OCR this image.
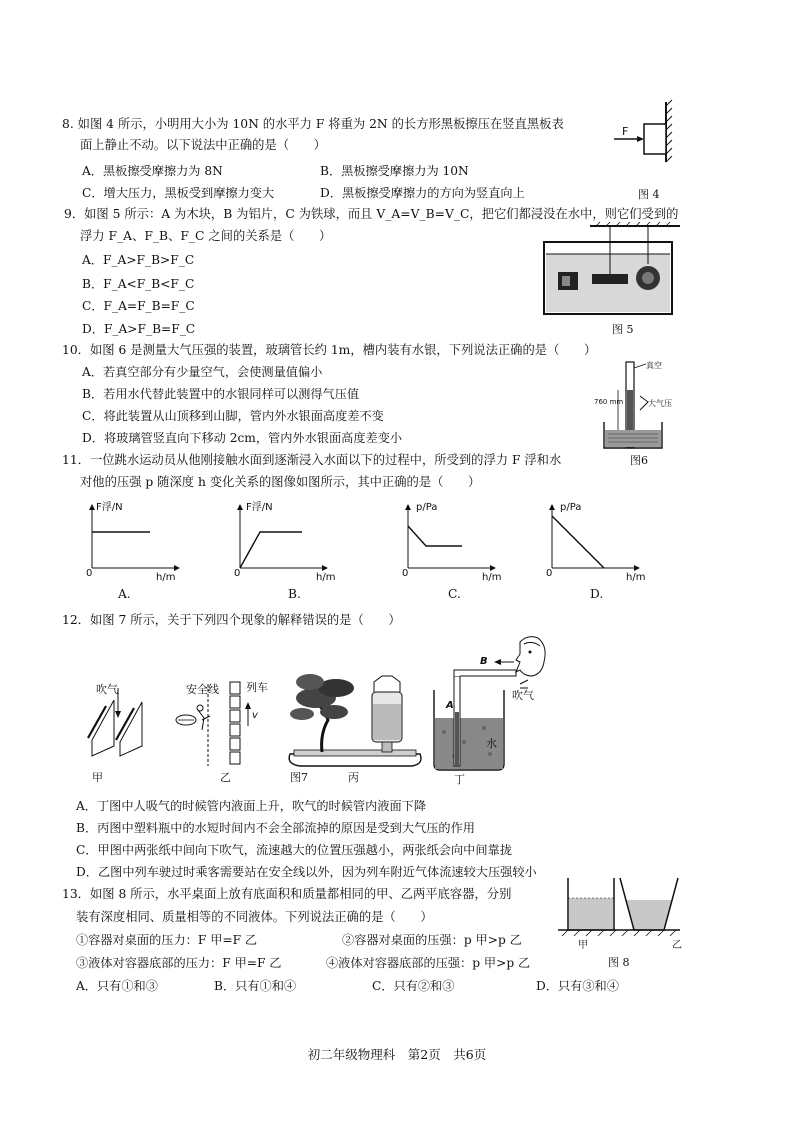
8. 如图 4 所示，小明用大小为 10N 的水平力 F 将重为 2N 的长方形黑板擦压在竖直黑板表
面上静止不动。以下说法中正确的是（　　）
A．黑板擦受摩擦力为 8N	B．黑板擦受摩擦力为 10N
C．增大压力，黑板受到摩擦力变大	D．黑板擦受摩擦力的方向为竖直向上	图 4
F
9．如图 5 所示：A 为木块，B 为铝片，C 为铁球，而且 V_A=V_B=V_C，把它们都浸没在水中，则它们受到的
浮力 F_A、F_B、F_C 之间的关系是（　　）
A．F_A>F_B>F_C
B．F_A<F_B<F_C
C．F_A=F_B=F_C
D．F_A>F_B=F_C	图 5
10．如图 6 是测量大气压强的装置，玻璃管长约 1m，槽内装有水银，下列说法正确的是（　　）
A．若真空部分有少量空气，会使测量值偏小
B．若用水代替此装置中的水银同样可以测得气压值
C．将此装置从山顶移到山脚，管内外水银面高度差不变
D．将玻璃管竖直向下移动 2cm，管内外水银面高度差变小
图6
真空
760 mm	大气压
11．一位跳水运动员从他刚接触水面到逐渐浸入水面以下的过程中，所受到的浮力 F 浮和水
对他的压强 p 随深度 h 变化关系的图像如图所示，其中正确的是（　　）
F浮/N
h/m
0
A.
F浮/N
h/m
0
B.
p/Pa
h/m
0
C.
p/Pa
h/m
0
D.
12．如图 7 所示，关于下列四个现象的解释错误的是（　　）
吹气
甲
安全线 列车
v
乙	图7	丙
B
A
吹气
水
丁
A．丁图中人吸气的时候管内液面上升，吹气的时候管内液面下降
B．丙图中塑料瓶中的水短时间内不会全部流掉的原因是受到大气压的作用
C．甲图中两张纸中间向下吹气，流速越大的位置压强越小，两张纸会向中间靠拢
D．乙图中列车驶过时乘客需要站在安全线以外，因为列车附近气体流速较大压强较小
13．如图 8 所示，水平桌面上放有底面积和质量都相同的甲、乙两平底容器，分别
装有深度相同、质量相等的不同液体。下列说法正确的是（　　）
①容器对桌面的压力：F 甲=F 乙	②容器对桌面的压强：p 甲>p 乙
③液体对容器底部的压力：F 甲=F 乙	④液体对容器底部的压强：p 甲>p 乙
A．只有①和③	B．只有①和④	C．只有②和③	D．只有③和④
甲	乙
图 8
初二年级物理科　第2页　共6页
